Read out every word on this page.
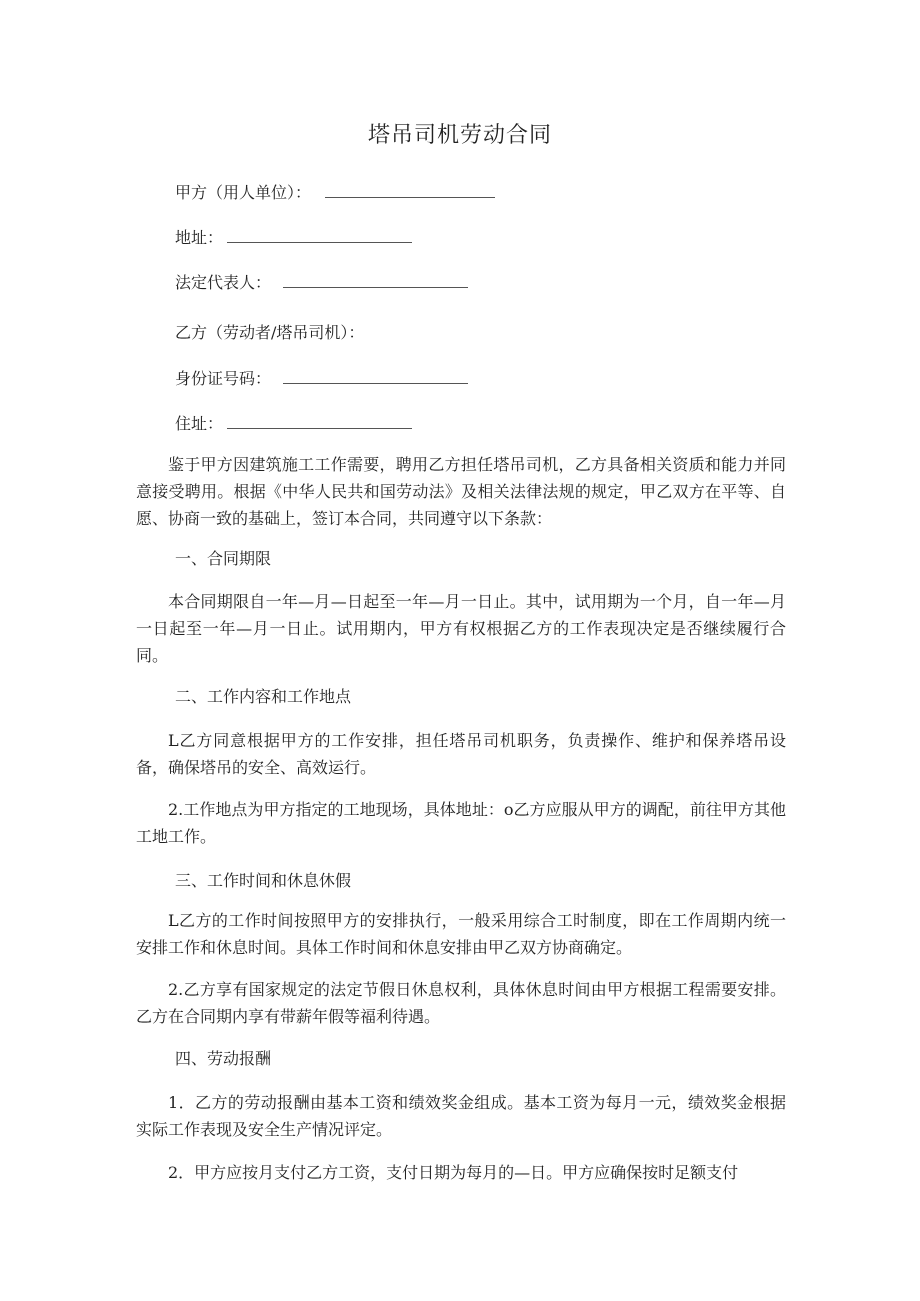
塔吊司机劳动合同
甲方（用人单位）：
地址：
法定代表人：
乙方（劳动者/塔吊司机）：
身份证号码：
住址：

鉴于甲方因建筑施工工作需要，聘用乙方担任塔吊司机，乙方具备相关资质和能力并同意接受聘用。根据《中华人民共和国劳动法》及相关法律法规的规定，甲乙双方在平等、自愿、协商一致的基础上，签订本合同，共同遵守以下条款：

一、合同期限

本合同期限自一年—月—日起至一年—月一日止。其中，试用期为一个月，自一年—月一日起至一年—月一日止。试用期内，甲方有权根据乙方的工作表现决定是否继续履行合同。

二、工作内容和工作地点

L乙方同意根据甲方的工作安排，担任塔吊司机职务，负责操作、维护和保养塔吊设备，确保塔吊的安全、高效运行。

2.工作地点为甲方指定的工地现场，具体地址：o乙方应服从甲方的调配，前往甲方其他工地工作。

三、工作时间和休息休假

L乙方的工作时间按照甲方的安排执行，一般采用综合工时制度，即在工作周期内统一安排工作和休息时间。具体工作时间和休息安排由甲乙双方协商确定。

2.乙方享有国家规定的法定节假日休息权利，具体休息时间由甲方根据工程需要安排。乙方在合同期内享有带薪年假等福利待遇。

四、劳动报酬

1．乙方的劳动报酬由基本工资和绩效奖金组成。基本工资为每月一元，绩效奖金根据实际工作表现及安全生产情况评定。

2．甲方应按月支付乙方工资，支付日期为每月的—日。甲方应确保按时足额支付
